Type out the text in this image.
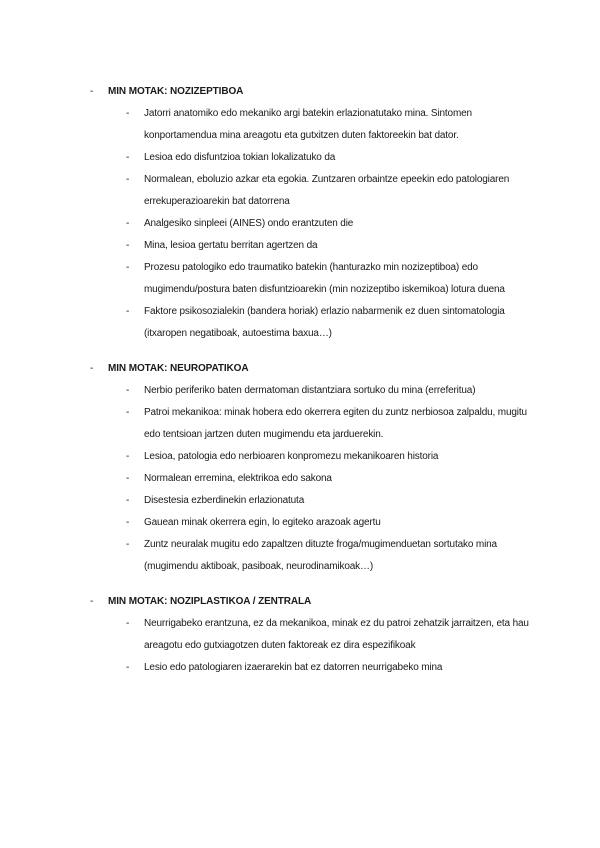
- MIN MOTAK: NOZIZEPTIBOA
- Jatorri anatomiko edo mekaniko argi batekin erlazionatutako mina. Sintomen konportamendua mina areagotu eta gutxitzen duten faktoreekin bat dator.
- Lesioa edo disfuntzioa tokian lokalizatuko da
- Normalean, eboluzio azkar eta egokia. Zuntzaren orbaintze epeekin edo patologiaren errekuperazioarekin bat datorrena
- Analgesiko sinpleei (AINES) ondo erantzuten die
- Mina, lesioa gertatu berritan agertzen da
- Prozesu patologiko edo traumatiko batekin (hanturazko min nozizeptiboa) edo mugimendu/postura baten disfuntzioarekin (min nozizeptibo iskemikoa) lotura duena
- Faktore psikosozialekin (bandera horiak) erlazio nabarmenik ez duen sintomatologia (itxaropen negatiboak, autoestima baxua…)
- MIN MOTAK: NEUROPATIKOA
- Nerbio periferiko baten dermatoman distantziara sortuko du mina (erreferitua)
- Patroi mekanikoa: minak hobera edo okerrera egiten du zuntz nerbiosoa zalpaldu, mugitu edo tentsioan jartzen duten mugimendu eta jarduerekin.
- Lesioa, patologia edo nerbioaren konpromezu mekanikoaren historia
- Normalean erremina, elektrikoa edo sakona
- Disestesia ezberdinekin erlazionatuta
- Gauean minak okerrera egin, lo egiteko arazoak agertu
- Zuntz neuralak mugitu edo zapaltzen dituzte froga/mugimenduetan sortutako mina (mugimendu aktiboak, pasiboak, neurodinamikoak…)
- MIN MOTAK: NOZIPLASTIKOA / ZENTRALA
- Neurrigabeko erantzuna, ez da mekanikoa, minak ez du patroi zehatzik jarraitzen, eta hau areagotu edo gutxiagotzen duten faktoreak ez dira espezifikoak
- Lesio edo patologiaren izaerarekin bat ez datorren neurrigabeko mina
